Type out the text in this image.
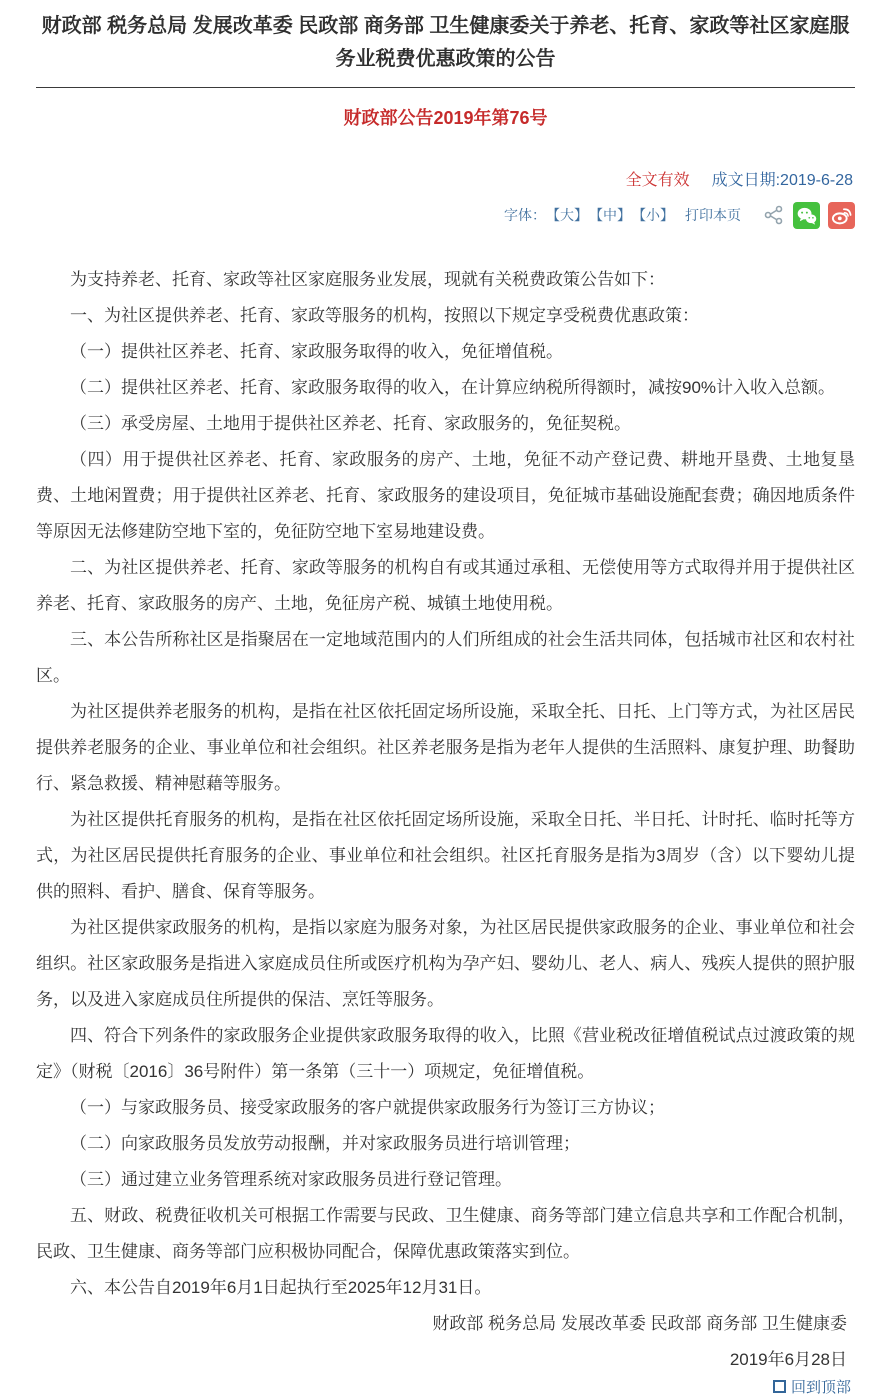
财政部 税务总局 发展改革委 民政部 商务部 卫生健康委关于养老、托育、家政等社区家庭服务业税费优惠政策的公告
财政部公告2019年第76号
全文有效 成文日期:2019-6-28
字体： 【大】 【中】 【小】 打印本页

为支持养老、托育、家政等社区家庭服务业发展，现就有关税费政策公告如下：

一、为社区提供养老、托育、家政等服务的机构，按照以下规定享受税费优惠政策：

（一）提供社区养老、托育、家政服务取得的收入，免征增值税。

（二）提供社区养老、托育、家政服务取得的收入，在计算应纳税所得额时，减按90%计入收入总额。

（三）承受房屋、土地用于提供社区养老、托育、家政服务的，免征契税。

（四）用于提供社区养老、托育、家政服务的房产、土地，免征不动产登记费、耕地开垦费、土地复垦费、土地闲置费；用于提供社区养老、托育、家政服务的建设项目，免征城市基础设施配套费；确因地质条件等原因无法修建防空地下室的，免征防空地下室易地建设费。

二、为社区提供养老、托育、家政等服务的机构自有或其通过承租、无偿使用等方式取得并用于提供社区养老、托育、家政服务的房产、土地，免征房产税、城镇土地使用税。

三、本公告所称社区是指聚居在一定地域范围内的人们所组成的社会生活共同体，包括城市社区和农村社区。

为社区提供养老服务的机构，是指在社区依托固定场所设施，采取全托、日托、上门等方式，为社区居民提供养老服务的企业、事业单位和社会组织。社区养老服务是指为老年人提供的生活照料、康复护理、助餐助行、紧急救援、精神慰藉等服务。

为社区提供托育服务的机构，是指在社区依托固定场所设施，采取全日托、半日托、计时托、临时托等方式，为社区居民提供托育服务的企业、事业单位和社会组织。社区托育服务是指为3周岁（含）以下婴幼儿提供的照料、看护、膳食、保育等服务。

为社区提供家政服务的机构，是指以家庭为服务对象，为社区居民提供家政服务的企业、事业单位和社会组织。社区家政服务是指进入家庭成员住所或医疗机构为孕产妇、婴幼儿、老人、病人、残疾人提供的照护服务，以及进入家庭成员住所提供的保洁、烹饪等服务。

四、符合下列条件的家政服务企业提供家政服务取得的收入，比照《营业税改征增值税试点过渡政策的规定》（财税〔2016〕36号附件）第一条第（三十一）项规定，免征增值税。

（一）与家政服务员、接受家政服务的客户就提供家政服务行为签订三方协议；

（二）向家政服务员发放劳动报酬，并对家政服务员进行培训管理；

（三）通过建立业务管理系统对家政服务员进行登记管理。

五、财政、税费征收机关可根据工作需要与民政、卫生健康、商务等部门建立信息共享和工作配合机制，民政、卫生健康、商务等部门应积极协同配合，保障优惠政策落实到位。

六、本公告自2019年6月1日起执行至2025年12月31日。

财政部 税务总局 发展改革委 民政部 商务部 卫生健康委

2019年6月28日

回到顶部
